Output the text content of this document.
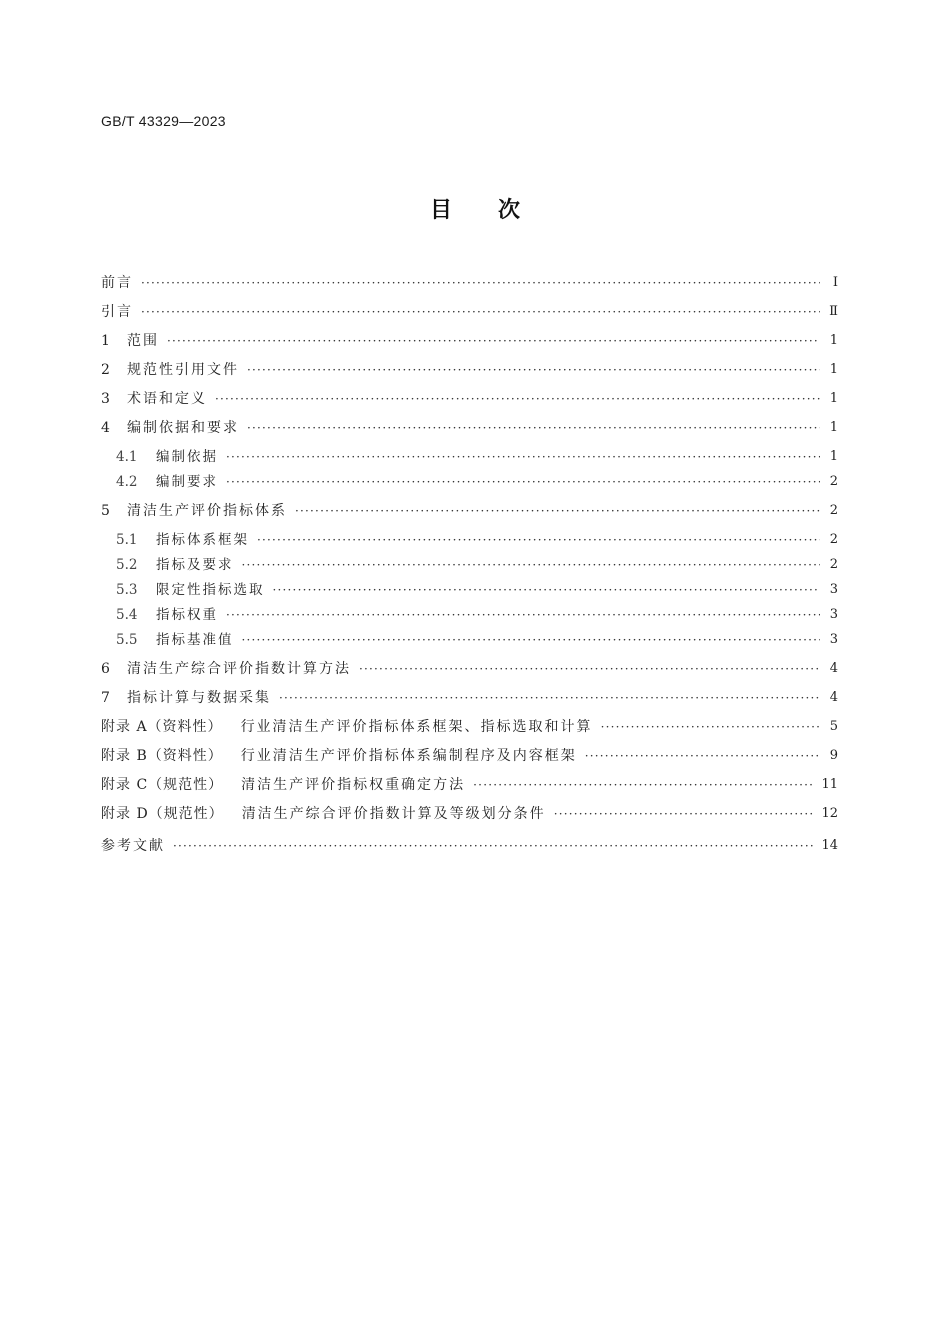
GB/T 43329—2023
目次
前言 ·····	Ⅰ
引言 ·····	Ⅱ
1	范围 ·····	1
2	规范性引用文件 ·····	1
3	术语和定义 ·····	1
4	编制依据和要求 ·····	1
4.1	编制依据 ·····	1
4.2	编制要求 ·····	2
5	清洁生产评价指标体系 ·····	2
5.1	指标体系框架 ·····	2
5.2	指标及要求 ·····	2
5.3	限定性指标选取 ·····	3
5.4	指标权重 ·····	3
5.5	指标基准值 ·····	3
6	清洁生产综合评价指数计算方法 ·····	4
7	指标计算与数据采集 ·····	4
附录 A（资料性） 行业清洁生产评价指标体系框架、指标选取和计算 ·····	5
附录 B（资料性） 行业清洁生产评价指标体系编制程序及内容框架 ·····	9
附录 C（规范性） 清洁生产评价指标权重确定方法 ·····	11
附录 D（规范性） 清洁生产综合评价指数计算及等级划分条件 ·····	12
参考文献 ·····	14
